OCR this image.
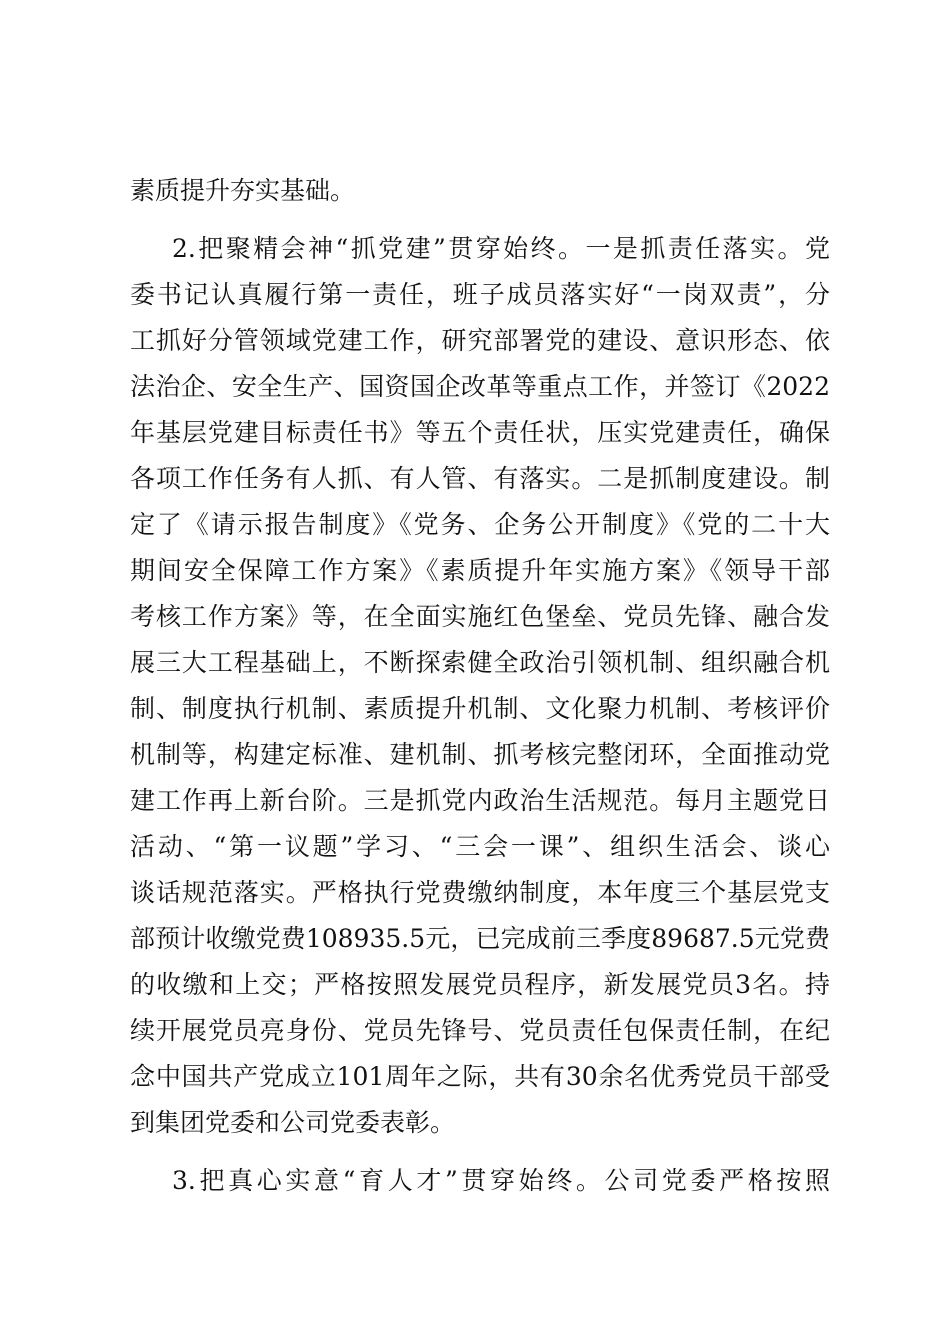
素质提升夯实基础。
2.把聚精会神“抓党建”贯穿始终。一是抓责任落实。党
委书记认真履行第一责任，班子成员落实好“一岗双责”，分
工抓好分管领域党建工作，研究部署党的建设、意识形态、依
法治企、安全生产、国资国企改革等重点工作，并签订《2022
年基层党建目标责任书》等五个责任状，压实党建责任，确保
各项工作任务有人抓、有人管、有落实。二是抓制度建设。制
定了《请示报告制度》《党务、企务公开制度》《党的二十大
期间安全保障工作方案》《素质提升年实施方案》《领导干部
考核工作方案》等，在全面实施红色堡垒、党员先锋、融合发
展三大工程基础上，不断探索健全政治引领机制、组织融合机
制、制度执行机制、素质提升机制、文化聚力机制、考核评价
机制等，构建定标准、建机制、抓考核完整闭环，全面推动党
建工作再上新台阶。三是抓党内政治生活规范。每月主题党日
活动、“第一议题”学习、“三会一课”、组织生活会、谈心
谈话规范落实。严格执行党费缴纳制度，本年度三个基层党支
部预计收缴党费108935.5元，已完成前三季度89687.5元党费
的收缴和上交；严格按照发展党员程序，新发展党员3名。持
续开展党员亮身份、党员先锋号、党员责任包保责任制，在纪
念中国共产党成立101周年之际，共有30余名优秀党员干部受
到集团党委和公司党委表彰。
3.把真心实意“育人才”贯穿始终。公司党委严格按照
